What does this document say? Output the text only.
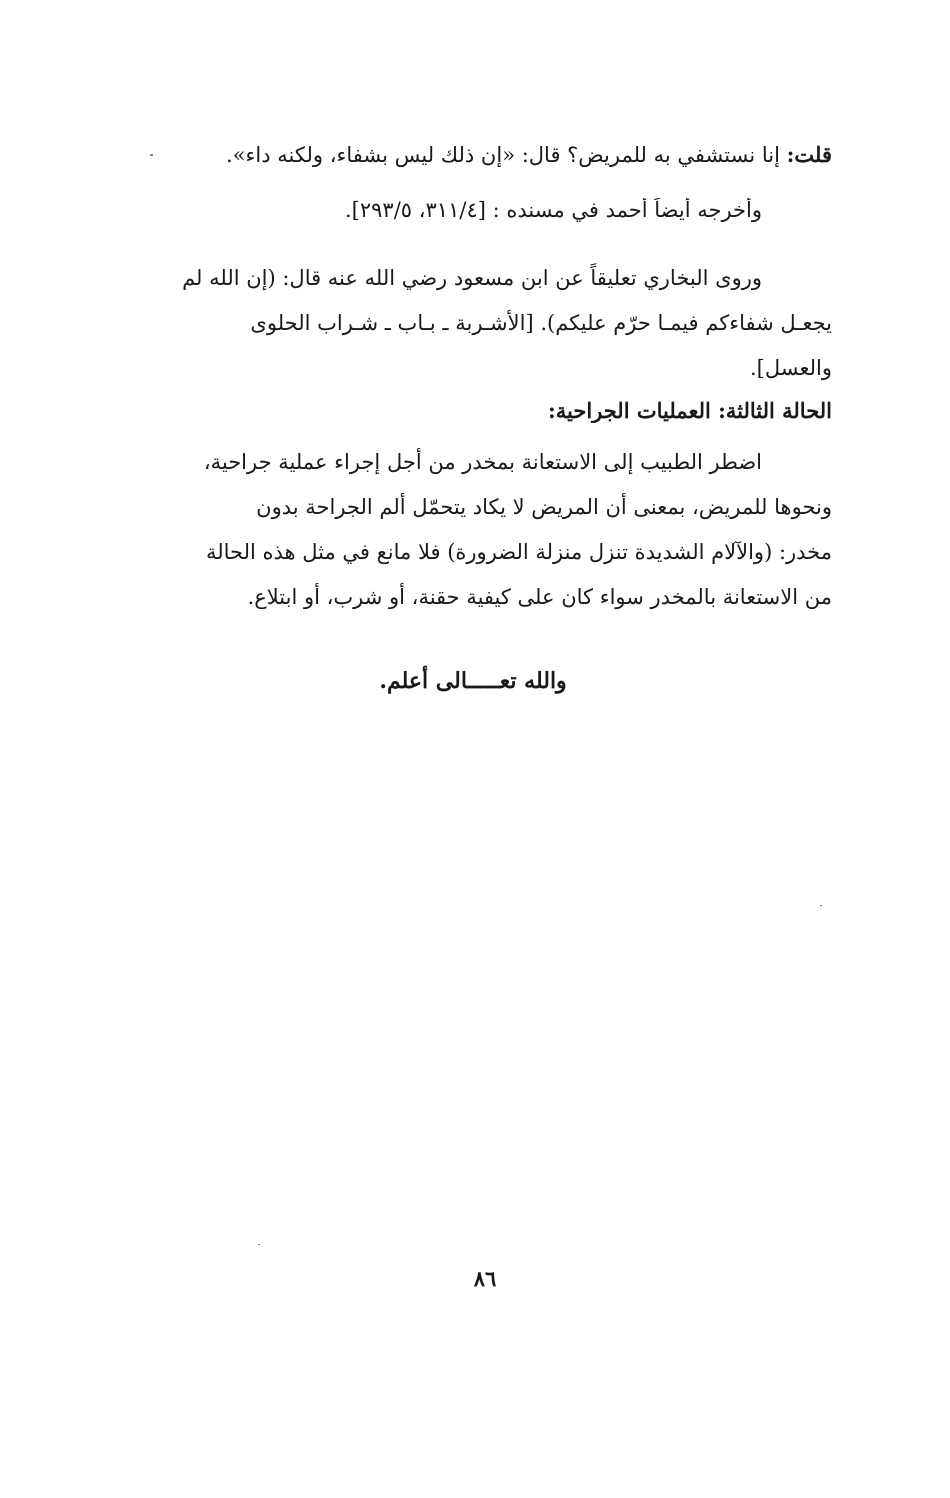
قلت: إنا نستشفي به للمريض؟ قال: «إن ذلك ليس بشفاء، ولكنه داء».
وأخرجه أيضاً أحمد في مسنده : [٣١١/٤، ٢٩٣/٥].
وروى البخاري تعليقاً عن ابن مسعود رضي الله عنه قال: (إن الله لم
يجعـل شفاءكم فيمـا حرّم عليكم). [الأشـربة ـ بـاب ـ شـراب الحلوى
والعسل].
الحالة الثالثة: العمليات الجراحية:
اضطر الطبيب إلى الاستعانة بمخدر من أجل إجراء عملية جراحية،
ونحوها للمريض، بمعنى أن المريض لا يكاد يتحمّل ألم الجراحة بدون
مخدر: (والآلام الشديدة تنزل منزلة الضرورة) فلا مانع في مثل هذه الحالة
من الاستعانة بالمخدر سواء كان على كيفية حقنة، أو شرب، أو ابتلاع.
والله تعـــــالى أعلم.
٨٦
